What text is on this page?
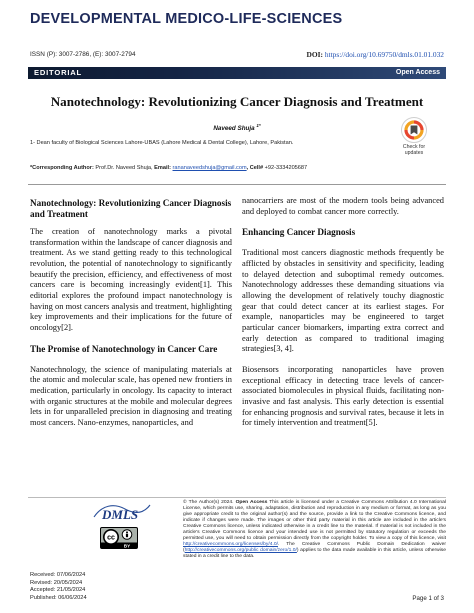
DEVELOPMENTAL MEDICO-LIFE-SCIENCES
ISSN (P): 3007-2786, (E): 3007-2794	DOI: https://doi.org/10.69750/dmls.01.01.032
EDITORIAL	Open Access
Nanotechnology: Revolutionizing Cancer Diagnosis and Treatment
Naveed Shuja $^{1*}$
Check for
updates
1- Dean faculty of Biological Sciences Lahore-UBAS (Lahore Medical & Dental College), Lahore, Pakistan.
*Corresponding Author: Prof.Dr. Naveed Shuja, Email: rananaveedshuja@gmail.com, Cell# +92-3334205687
Nanotechnology: Revolutionizing Cancer Diagnosis and Treatment

The creation of nanotechnology marks a pivotal transformation within the landscape of cancer diagnosis and treatment. As we stand getting ready to this technological revolution, the potential of nanotechnology to significantly beautify the precision, efficiency, and effectiveness of most cancers care is becoming increasingly evident[1]. This editorial explores the profound impact nanotechnology is having on most cancers analysis and treatment, highlighting key improvements and their implications for the future of oncology[2].

The Promise of Nanotechnology in Cancer Care

Nanotechnology, the science of manipulating materials at the atomic and molecular scale, has opened new frontiers in medication, particularly in oncology. Its capacity to interact with organic structures at the mobile and molecular degrees lets in for unparalleled precision in diagnosing and treating most cancers. Nano-enzymes, nanoparticles, and

nanocarriers are most of the modern tools being advanced and deployed to combat cancer more correctly.

Enhancing Cancer Diagnosis

Traditional most cancers diagnostic methods frequently be afflicted by obstacles in sensitivity and specificity, leading to delayed detection and suboptimal remedy outcomes. Nanotechnology addresses these demanding situations via allowing the development of relatively touchy diagnostic gear that could detect cancer at its earliest stages. For example, nanoparticles may be engineered to target particular cancer biomarkers, imparting extra correct and early detection as compared to traditional imaging strategies[3, 4].

Biosensors incorporating nanoparticles have proven exceptional efficacy in detecting trace levels of cancer-associated biomolecules in physical fluids, facilitating non-invasive and fast analysis. This early detection is essential for enhancing prognosis and survival rates, because it lets in for timely intervention and treatment[5].

DMLS
cc
BY
© The Author(s) 2024. Open Access This article is licensed under a Creative Commons Attribution 4.0 International License, which permits use, sharing, adaptation, distribution and reproduction in any medium or format, as long as you give appropriate credit to the original author(s) and the source, provide a link to the Creative Commons licence, and indicate if changes were made. The images or other third party material in this article are included in the article's Creative Commons licence, unless indicated otherwise in a credit line to the material. If material is not included in the article's Creative Commons licence and your intended use is not permitted by statutory regulation or exceeds the permitted use, you will need to obtain permission directly from the copyright holder. To view a copy of this licence, visit http://creativecommons.org/licenses/by/4.0/. The Creative Commons Public Domain Dedication waiver (http://creativecommons.org/public domain/zero/1.0/) applies to the data made available in this article, unless otherwise stated in a credit line to the data.
Received: 07/06/2024
Revised: 20/05/2024
Accepted: 21/05/2024
Published: 06/06/2024	Page 1 of 3
